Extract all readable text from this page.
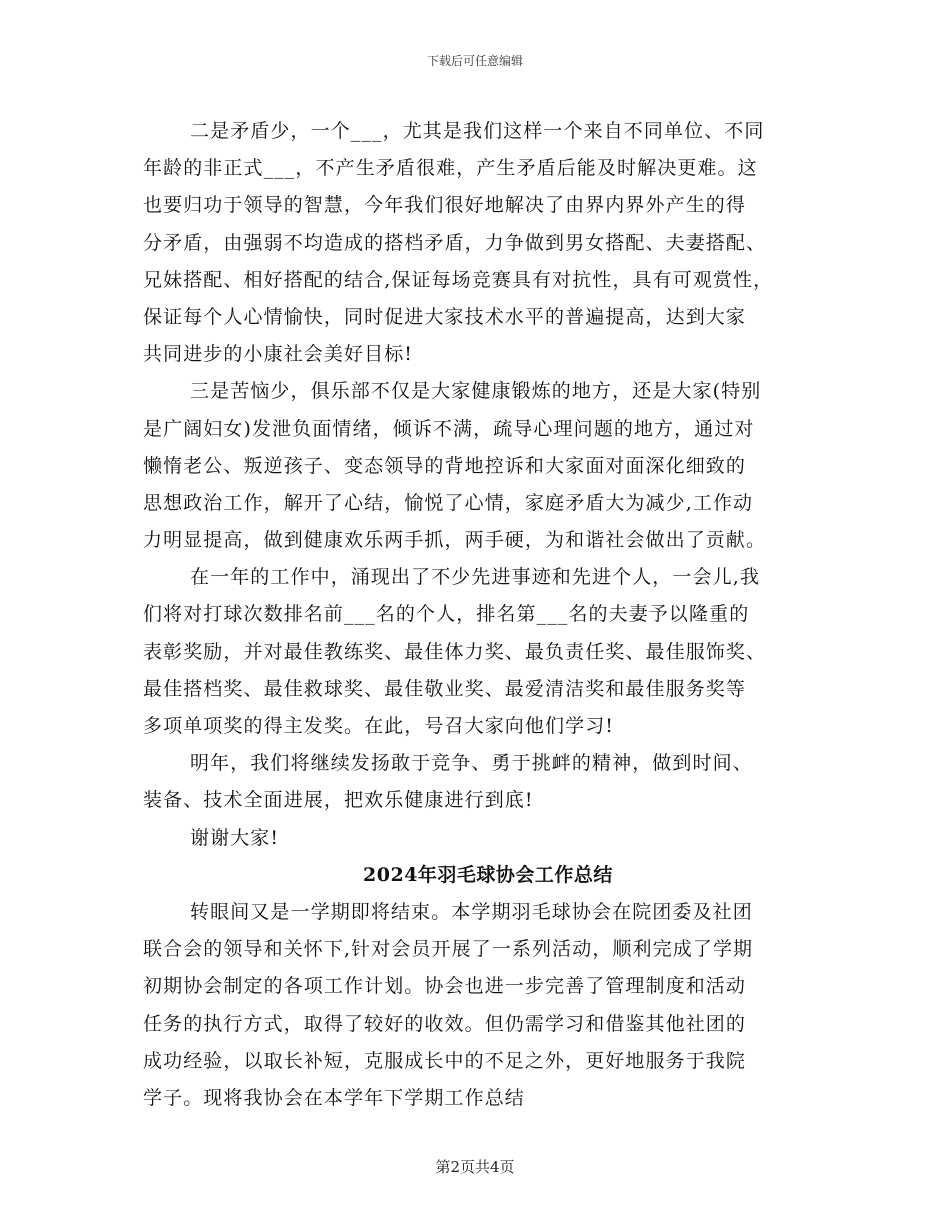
下载后可任意编辑
二是矛盾少，一个___，尤其是我们这样一个来自不同单位、不同
年龄的非正式___，不产生矛盾很难，产生矛盾后能及时解决更难。这
也要归功于领导的智慧，今年我们很好地解决了由界内界外产生的得
分矛盾，由强弱不均造成的搭档矛盾，力争做到男女搭配、夫妻搭配、
兄妹搭配、相好搭配的结合,保证每场竞赛具有对抗性，具有可观赏性，
保证每个人心情愉快，同时促进大家技术水平的普遍提高，达到大家
共同进步的小康社会美好目标!
三是苦恼少，俱乐部不仅是大家健康锻炼的地方，还是大家(特别
是广阔妇女)发泄负面情绪，倾诉不满，疏导心理问题的地方，通过对
懒惰老公、叛逆孩子、变态领导的背地控诉和大家面对面深化细致的
思想政治工作，解开了心结，愉悦了心情，家庭矛盾大为减少,工作动
力明显提高，做到健康欢乐两手抓，两手硬，为和谐社会做出了贡献。
在一年的工作中，涌现出了不少先进事迹和先进个人，一会儿,我
们将对打球次数排名前___名的个人，排名第___名的夫妻予以隆重的
表彰奖励，并对最佳教练奖、最佳体力奖、最负责任奖、最佳服饰奖、
最佳搭档奖、最佳救球奖、最佳敬业奖、最爱清洁奖和最佳服务奖等
多项单项奖的得主发奖。在此，号召大家向他们学习!
明年，我们将继续发扬敢于竞争、勇于挑衅的精神，做到时间、
装备、技术全面进展，把欢乐健康进行到底!
谢谢大家!
2024年羽毛球协会工作总结
转眼间又是一学期即将结束。本学期羽毛球协会在院团委及社团
联合会的领导和关怀下,针对会员开展了一系列活动，顺利完成了学期
初期协会制定的各项工作计划。协会也进一步完善了管理制度和活动
任务的执行方式，取得了较好的收效。但仍需学习和借鉴其他社团的
成功经验，以取长补短，克服成长中的不足之外，更好地服务于我院
学子。现将我协会在本学年下学期工作总结
第2页共4页
